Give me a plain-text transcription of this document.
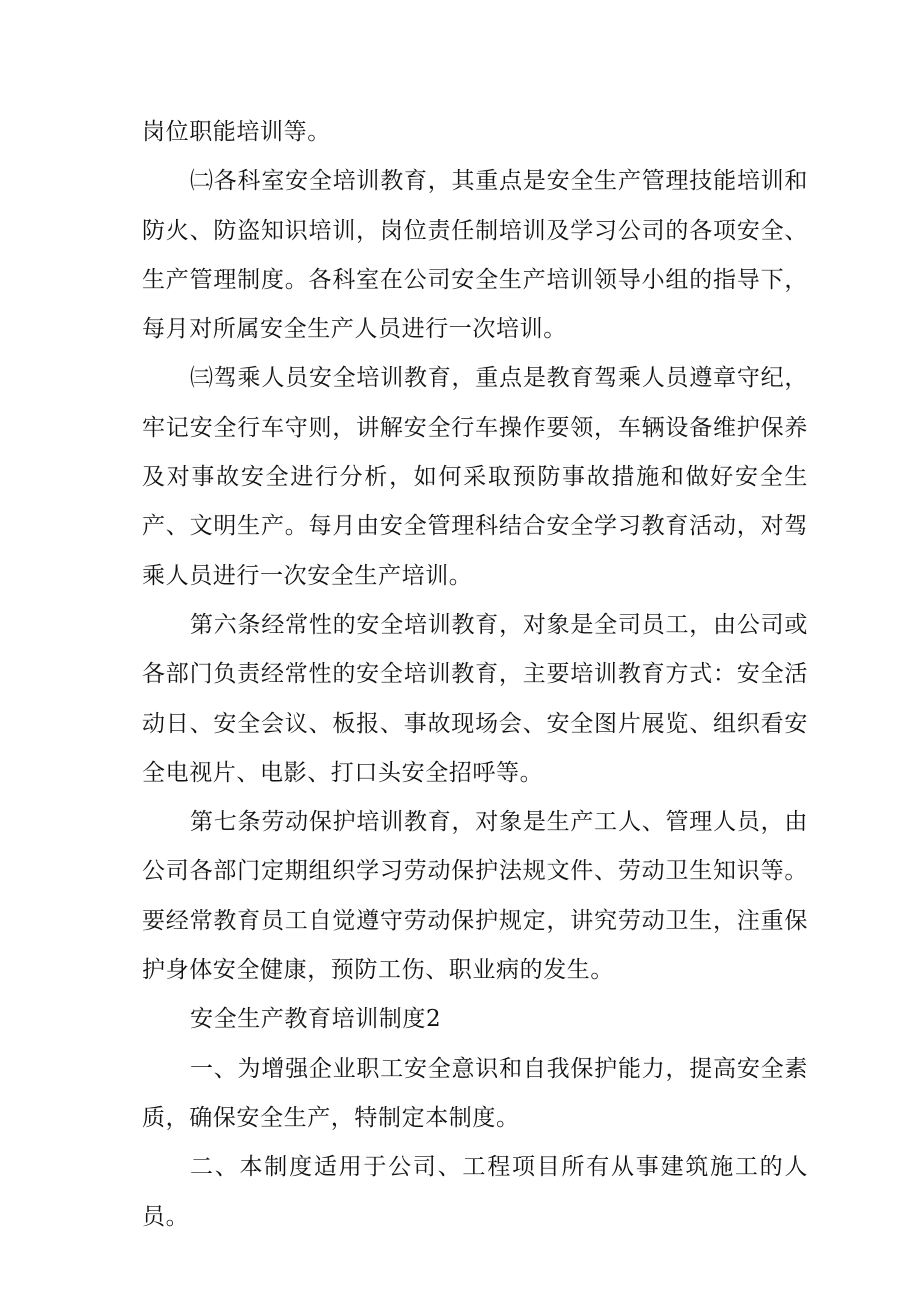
岗位职能培训等。

㈡各科室安全培训教育，其重点是安全生产管理技能培训和防火、防盗知识培训，岗位责任制培训及学习公司的各项安全、生产管理制度。各科室在公司安全生产培训领导小组的指导下，每月对所属安全生产人员进行一次培训。

㈢驾乘人员安全培训教育，重点是教育驾乘人员遵章守纪，牢记安全行车守则，讲解安全行车操作要领，车辆设备维护保养及对事故安全进行分析，如何采取预防事故措施和做好安全生产、文明生产。每月由安全管理科结合安全学习教育活动，对驾乘人员进行一次安全生产培训。

第六条经常性的安全培训教育，对象是全司员工，由公司或各部门负责经常性的安全培训教育，主要培训教育方式：安全活动日、安全会议、板报、事故现场会、安全图片展览、组织看安全电视片、电影、打口头安全招呼等。

第七条劳动保护培训教育，对象是生产工人、管理人员，由公司各部门定期组织学习劳动保护法规文件、劳动卫生知识等。要经常教育员工自觉遵守劳动保护规定，讲究劳动卫生，注重保护身体安全健康，预防工伤、职业病的发生。

安全生产教育培训制度2

一、为增强企业职工安全意识和自我保护能力，提高安全素质，确保安全生产，特制定本制度。

二、本制度适用于公司、工程项目所有从事建筑施工的人员。
